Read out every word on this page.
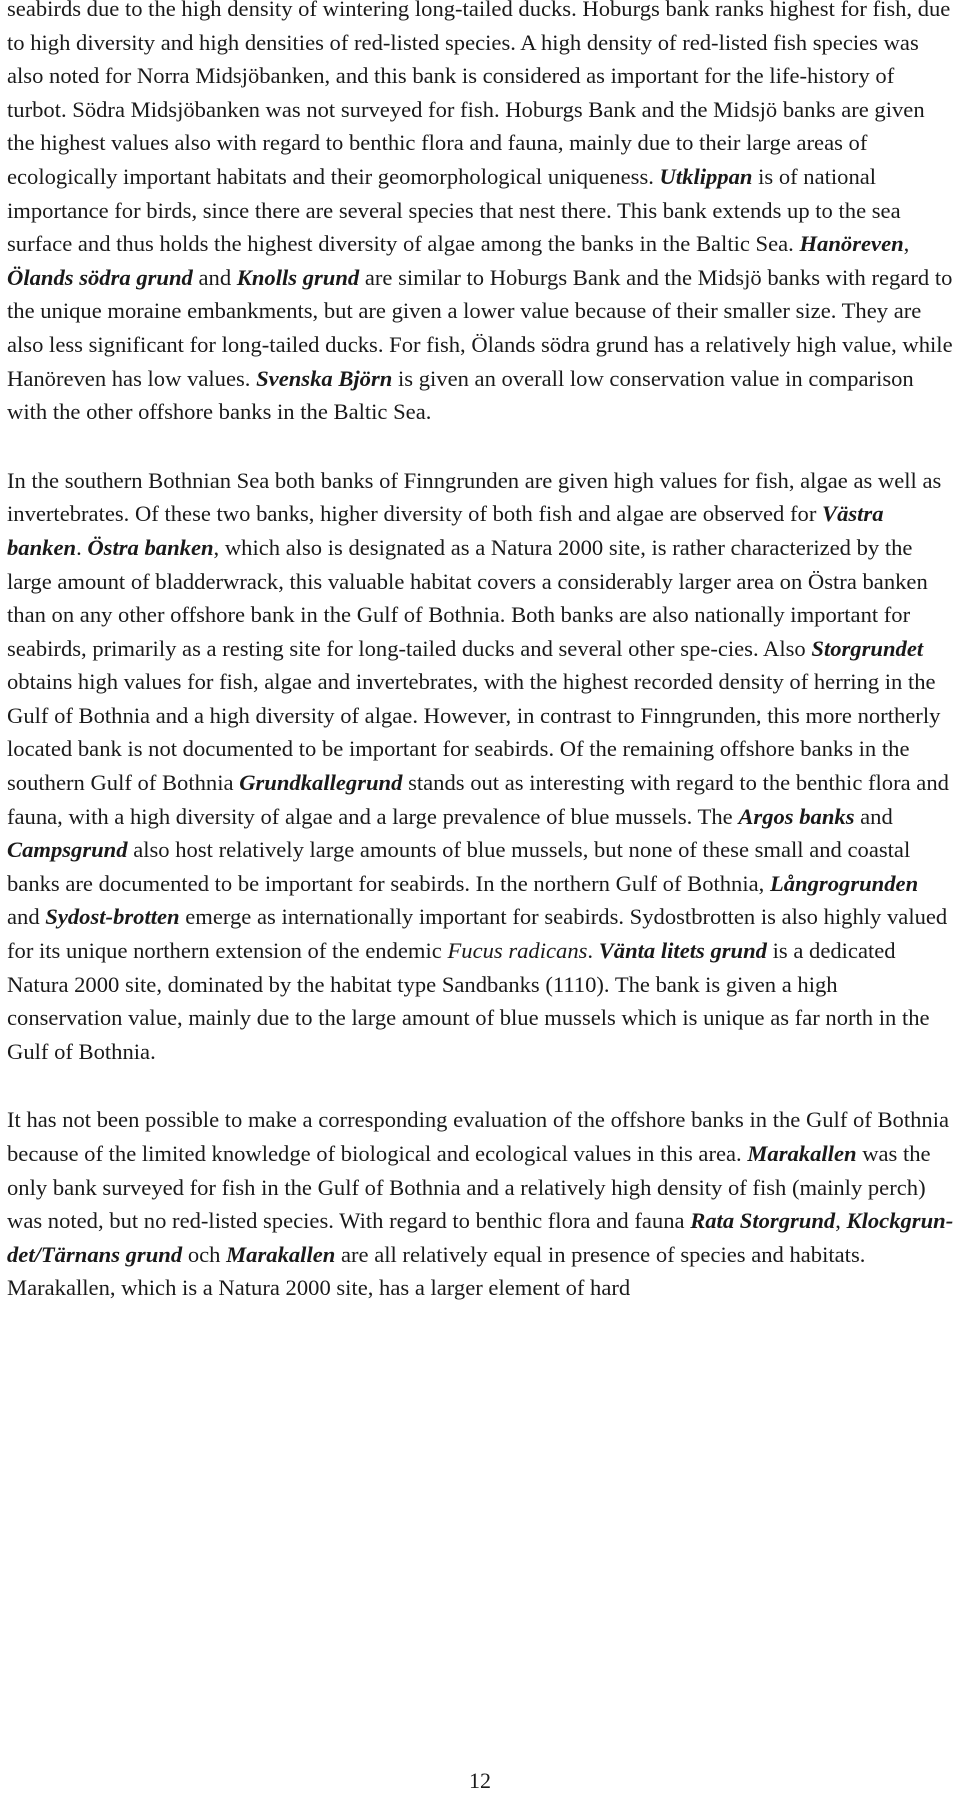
seabirds due to the high density of wintering long-tailed ducks. Hoburgs bank ranks highest for fish, due to high diversity and high densities of red-listed species. A high density of red-listed fish species was also noted for Norra Midsjöbanken, and this bank is considered as important for the life-history of turbot. Södra Midsjöbanken was not surveyed for fish. Hoburgs Bank and the Midsjö banks are given the highest values also with regard to benthic flora and fauna, mainly due to their large areas of ecologically important habitats and their geomorphological uniqueness. Utklippan is of national importance for birds, since there are several species that nest there. This bank extends up to the sea surface and thus holds the highest diversity of algae among the banks in the Baltic Sea. Hanöreven, Ölands södra grund and Knolls grund are similar to Hoburgs Bank and the Midsjö banks with regard to the unique moraine embankments, but are given a lower value because of their smaller size. They are also less significant for long-tailed ducks. For fish, Ölands södra grund has a relatively high value, while Hanöreven has low values. Svenska Björn is given an overall low conservation value in comparison with the other offshore banks in the Baltic Sea.

In the southern Bothnian Sea both banks of Finngrunden are given high values for fish, algae as well as invertebrates. Of these two banks, higher diversity of both fish and algae are observed for Västra banken. Östra banken, which also is designated as a Natura 2000 site, is rather characterized by the large amount of bladderwrack, this valuable habitat covers a considerably larger area on Östra banken than on any other offshore bank in the Gulf of Bothnia. Both banks are also nationally important for seabirds, primarily as a resting site for long-tailed ducks and several other spe-cies. Also Storgrundet obtains high values for fish, algae and invertebrates, with the highest recorded density of herring in the Gulf of Bothnia and a high diversity of algae. However, in contrast to Finngrunden, this more northerly located bank is not documented to be important for seabirds. Of the remaining offshore banks in the southern Gulf of Bothnia Grundkallegrund stands out as interesting with regard to the benthic flora and fauna, with a high diversity of algae and a large prevalence of blue mussels. The Argos banks and Campsgrund also host relatively large amounts of blue mussels, but none of these small and coastal banks are documented to be important for seabirds. In the northern Gulf of Bothnia, Långrogrunden and Sydost-brotten emerge as internationally important for seabirds. Sydostbrotten is also highly valued for its unique northern extension of the endemic Fucus radicans. Vänta litets grund is a dedicated Natura 2000 site, dominated by the habitat type Sandbanks (1110). The bank is given a high conservation value, mainly due to the large amount of blue mussels which is unique as far north in the Gulf of Bothnia.

It has not been possible to make a corresponding evaluation of the offshore banks in the Gulf of Bothnia because of the limited knowledge of biological and ecological values in this area. Marakallen was the only bank surveyed for fish in the Gulf of Bothnia and a relatively high density of fish (mainly perch) was noted, but no red-listed species. With regard to benthic flora and fauna Rata Storgrund, Klockgrun-det/Tärnans grund och Marakallen are all relatively equal in presence of species and habitats. Marakallen, which is a Natura 2000 site, has a larger element of hard

12
